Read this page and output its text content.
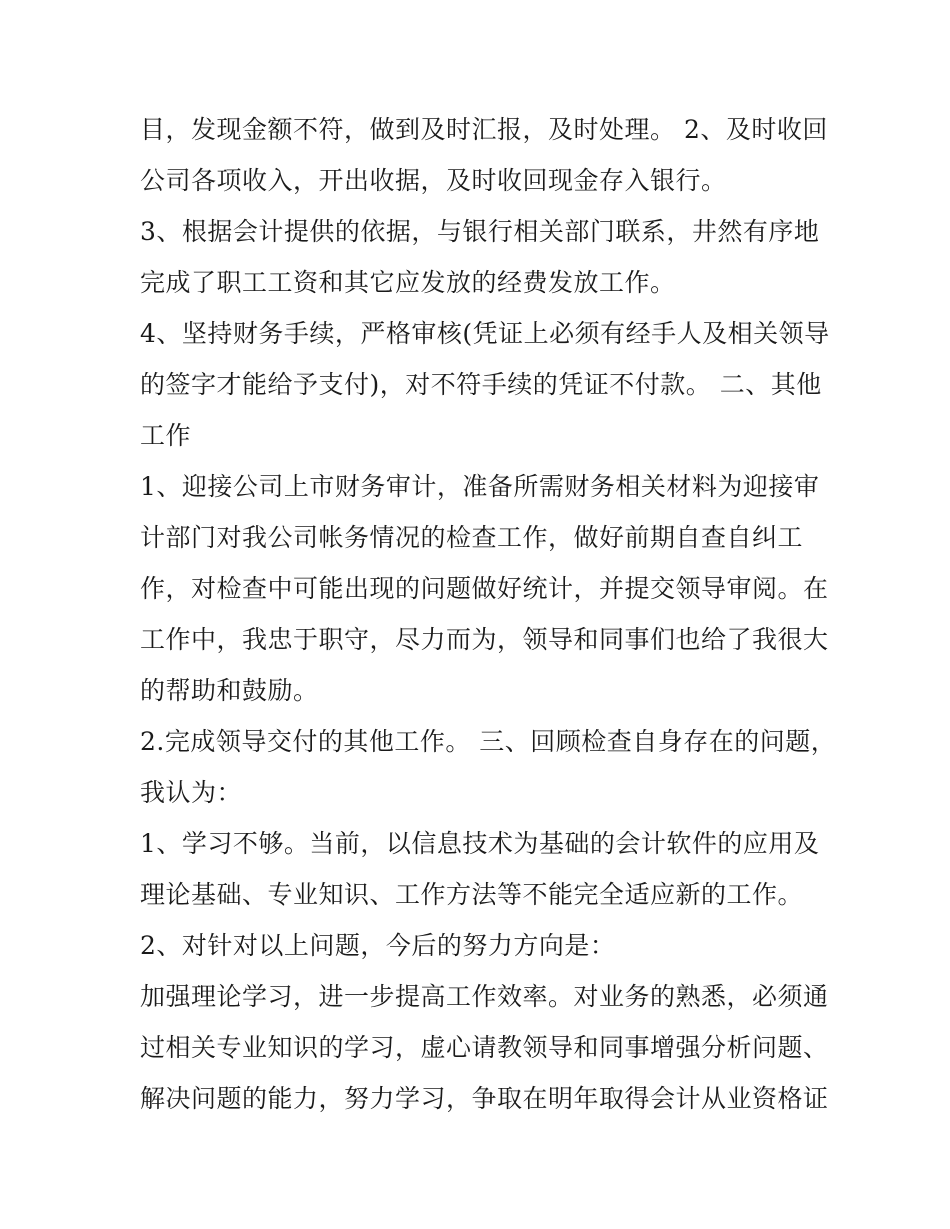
目，发现金额不符，做到及时汇报，及时处理。 2、及时收回
公司各项收入，开出收据，及时收回现金存入银行。
3、根据会计提供的依据，与银行相关部门联系，井然有序地
完成了职工工资和其它应发放的经费发放工作。
4、坚持财务手续，严格审核(凭证上必须有经手人及相关领导
的签字才能给予支付)，对不符手续的凭证不付款。 二、其他
工作
1、迎接公司上市财务审计，准备所需财务相关材料为迎接审
计部门对我公司帐务情况的检查工作，做好前期自查自纠工
作，对检查中可能出现的问题做好统计，并提交领导审阅。在
工作中，我忠于职守，尽力而为，领导和同事们也给了我很大
的帮助和鼓励。
2.完成领导交付的其他工作。 三、回顾检查自身存在的问题，
我认为：
1、学习不够。当前，以信息技术为基础的会计软件的应用及
理论基础、专业知识、工作方法等不能完全适应新的工作。
2、对针对以上问题，今后的努力方向是：
加强理论学习，进一步提高工作效率。对业务的熟悉，必须通
过相关专业知识的学习，虚心请教领导和同事增强分析问题、
解决问题的能力，努力学习，争取在明年取得会计从业资格证
